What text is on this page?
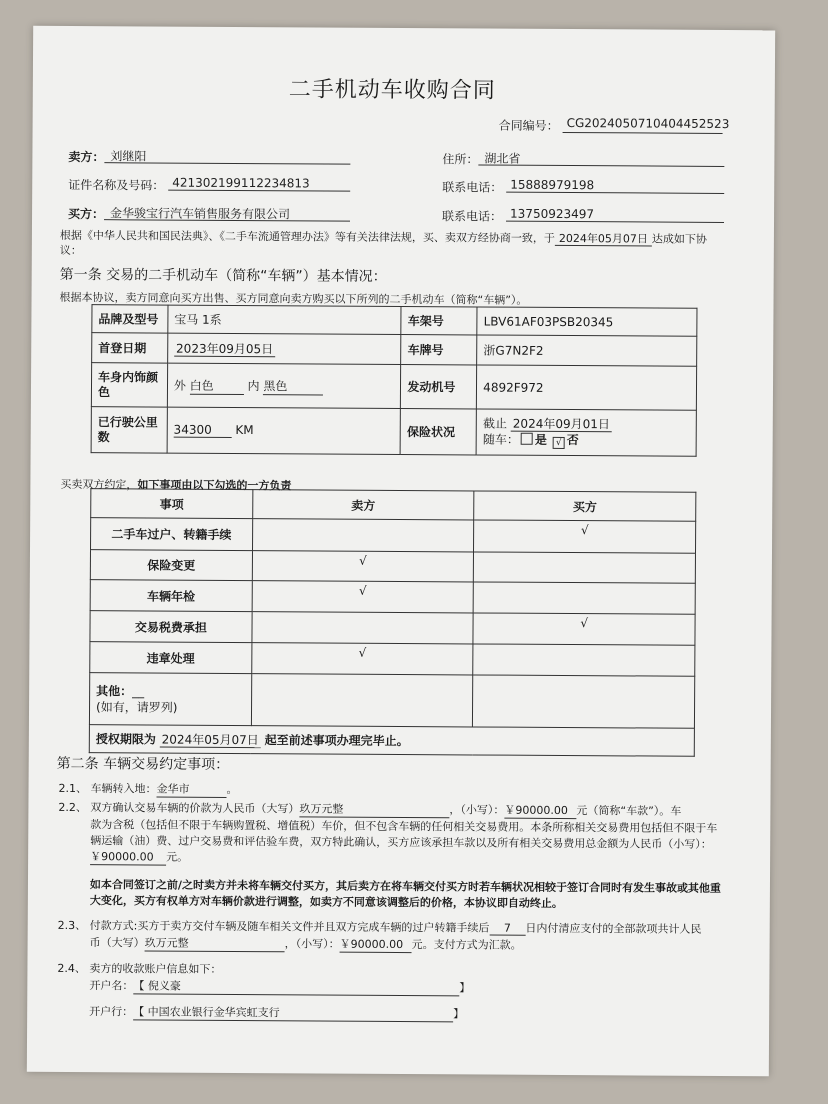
二手机动车收购合同
合同编号： CG2024050710404452523
卖方： 刘继阳	住所： 湖北省
证件名称及号码： 421302199112234813	联系电话： 15888979198
买方： 金华骏宝行汽车销售服务有限公司	联系电话： 13750923497
根据《中华人民共和国民法典》、《二手车流通管理办法》等有关法律法规，买、卖双方经协商一致，于 2024年05月07日 达成如下协
议：
第一条 交易的二手机动车（简称“车辆”）基本情况：
根据本协议，卖方同意向买方出售、买方同意向卖方购买以下所列的二手机动车（简称“车辆”）。
品牌及型号	宝马 1系	车架号	LBV61AF03PSB20345
首登日期	2023年09月05日	车牌号	浙G7N2F2
车身内饰颜色	外 白色 内 黑色	发动机号	4892F972
已行驶公里数	34300 KM	保险状况	截止 2024年09月01日
随车： 是 √ 否
买卖双方约定，如下事项由以下勾选的一方负责
事项	卖方	买方
二手车过户、转籍手续		√
保险变更	√	
车辆年检	√	
交易税费承担		√
违章处理	√	

其他：__
(如有，请罗列)		

授权期限为 2024年05月07日 起至前述事项办理完毕止。		
第二条 车辆交易约定事项：
2.1、 车辆转入地：金华市	。
2.2、 双方确认交易车辆的价款为人民币（大写）玖万元整	，（小写）：￥90000.00 元（简称“车款”）。车
款为含税（包括但不限于车辆购置税、增值税）车价，但不包含车辆的任何相关交易费用。本条所称相关交易费用包括但不限于车
辆运输（油）费、过户交易费和评估验车费，双方特此确认，买方应该承担车款以及所有相关交易费用总金额为人民币（小写）：
￥90000.00 元。
如本合同签订之前/之时卖方并未将车辆交付买方，其后卖方在将车辆交付买方时若车辆状况相较于签订合同时有发生事故或其他重
大变化，买方有权单方对车辆价款进行调整，如卖方不同意该调整后的价格，本协议即自动终止。
2.3、 付款方式:买方于卖方交付车辆及随车相关文件并且双方完成车辆的过户转籍手续后 7 日内付清应支付的全部款项共计人民
币（大写）玖万元整	，（小写）：￥90000.00 元。支付方式为汇款。
2.4、 卖方的收款账户信息如下：
开户名：【 倪义豪	】
开户行：【 中国农业银行金华宾虹支行	】
